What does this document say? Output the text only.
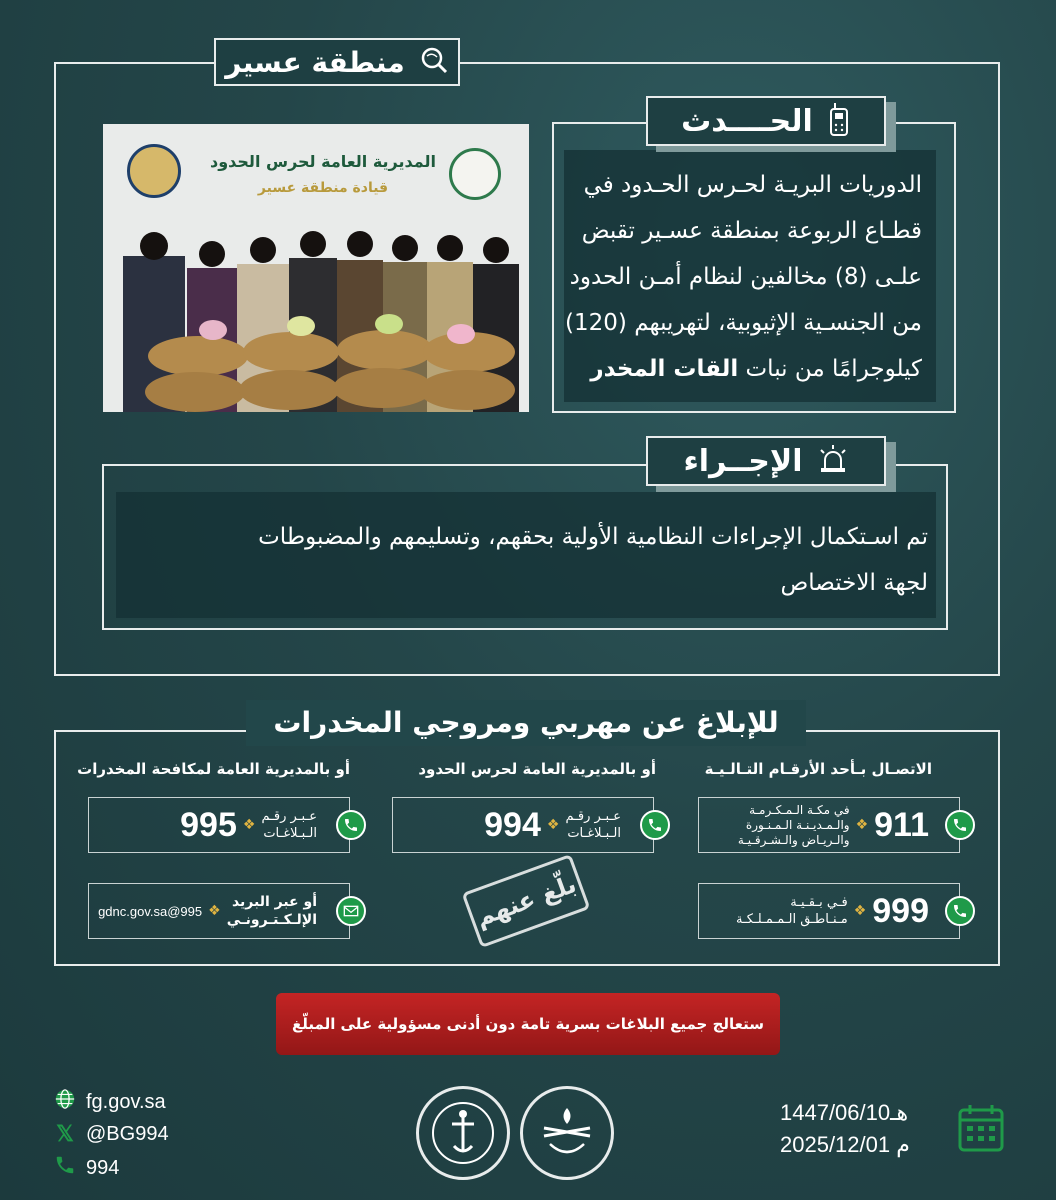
منطقة عسير
المديرية العامة لحرس الحدود
قيادة منطقة عسير
الحــــدث
الدوريات البريـة لحـرس الحـدود في
قطـاع الربوعة بمنطقة عسـير تقبض
علـى (8) مخالفين لنظام أمـن الحدود
من الجنسـية الإثيوبية، لتهريبهم (120)
كيلوجرامًا من نبات القات المخدر
الإجــراء
تم اسـتكمال الإجراءات النظامية الأولية بحقهم، وتسليمهم والمضبوطات
لجهة الاختصاص
للإبلاغ عن مهربي ومروجي المخدرات
الاتصـال بـأحد الأرقـام التـالـيـة
أو بالمديرية العامة لحرس الحدود
أو بالمديرية العامة لمكافحة المخدرات
911
❖
في مكـة الـمـكـرمـة
والـمـديـنـة الـمـنـورة
والـريـاض والـشـرقـيـة
999
❖
فـي بـقـيـة
مـنـاطـق الـمـمـلـكـة
عـبـر رقـم
الـبـلاغـات
❖
994
عـبـر رقـم
الـبـلاغـات
❖
995
أو عبر البريد
الإلـكـتـرونـي
❖
995@gdnc.gov.sa	بلّغ عنهم
ستعالج جميع البلاغات بسرية تامة دون أدنى مسؤولية على المبلّغ
fg.gov.sa
𝕏 @BG994
994
1447/06/10هـ
2025/12/01 م
